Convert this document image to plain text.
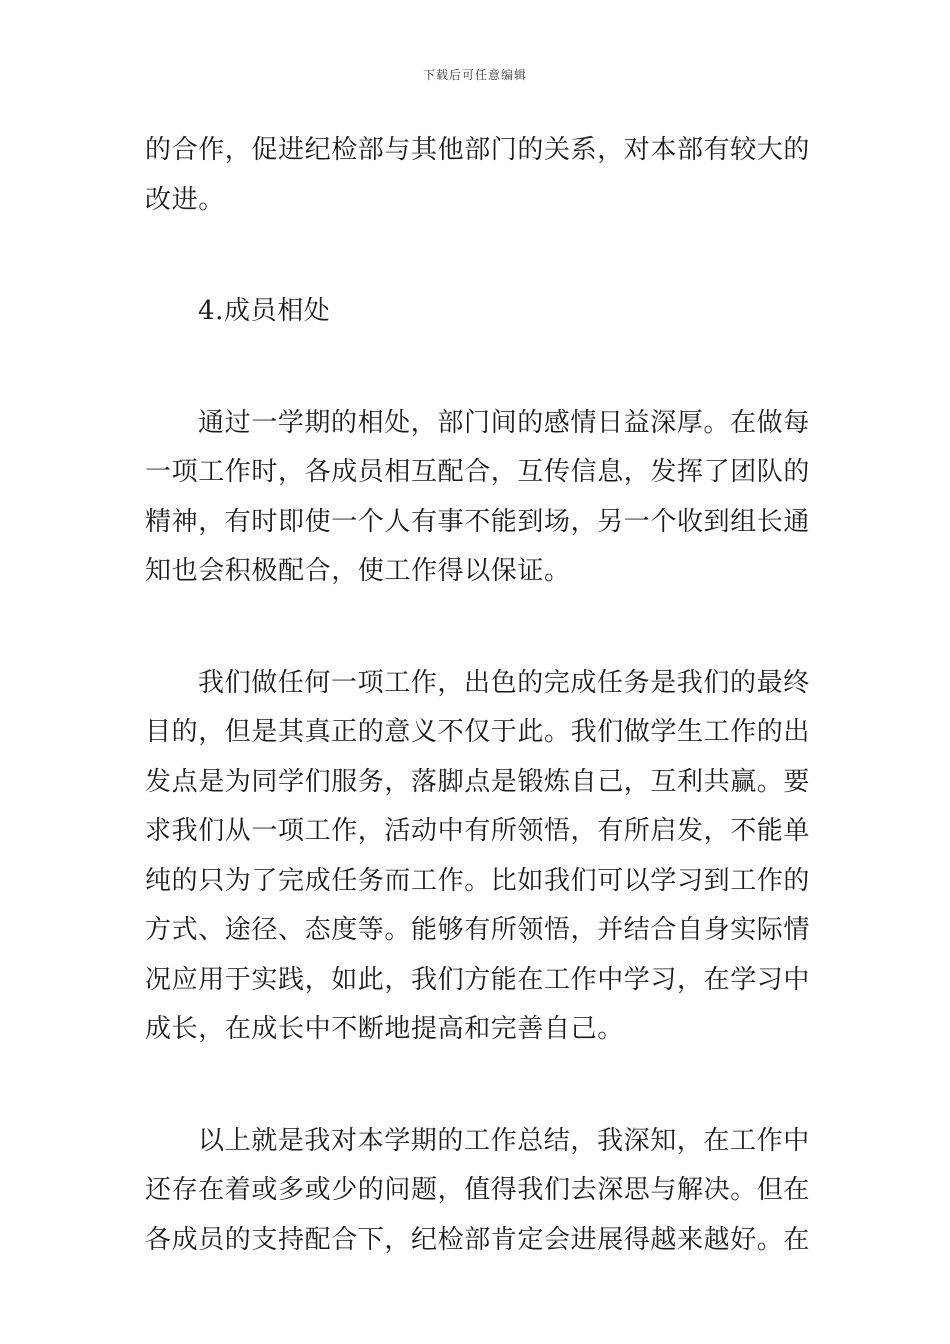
下载后可任意编辑
的合作，促进纪检部与其他部门的关系，对本部有较大的
改进。
4.成员相处
通过一学期的相处，部门间的感情日益深厚。在做每
一项工作时，各成员相互配合，互传信息，发挥了团队的
精神，有时即使一个人有事不能到场，另一个收到组长通
知也会积极配合，使工作得以保证。
我们做任何一项工作，出色的完成任务是我们的最终
目的，但是其真正的意义不仅于此。我们做学生工作的出
发点是为同学们服务，落脚点是锻炼自己，互利共赢。要
求我们从一项工作，活动中有所领悟，有所启发，不能单
纯的只为了完成任务而工作。比如我们可以学习到工作的
方式、途径、态度等。能够有所领悟，并结合自身实际情
况应用于实践，如此，我们方能在工作中学习，在学习中
成长，在成长中不断地提高和完善自己。
以上就是我对本学期的工作总结，我深知，在工作中
还存在着或多或少的问题，值得我们去深思与解决。但在
各成员的支持配合下，纪检部肯定会进展得越来越好。在
